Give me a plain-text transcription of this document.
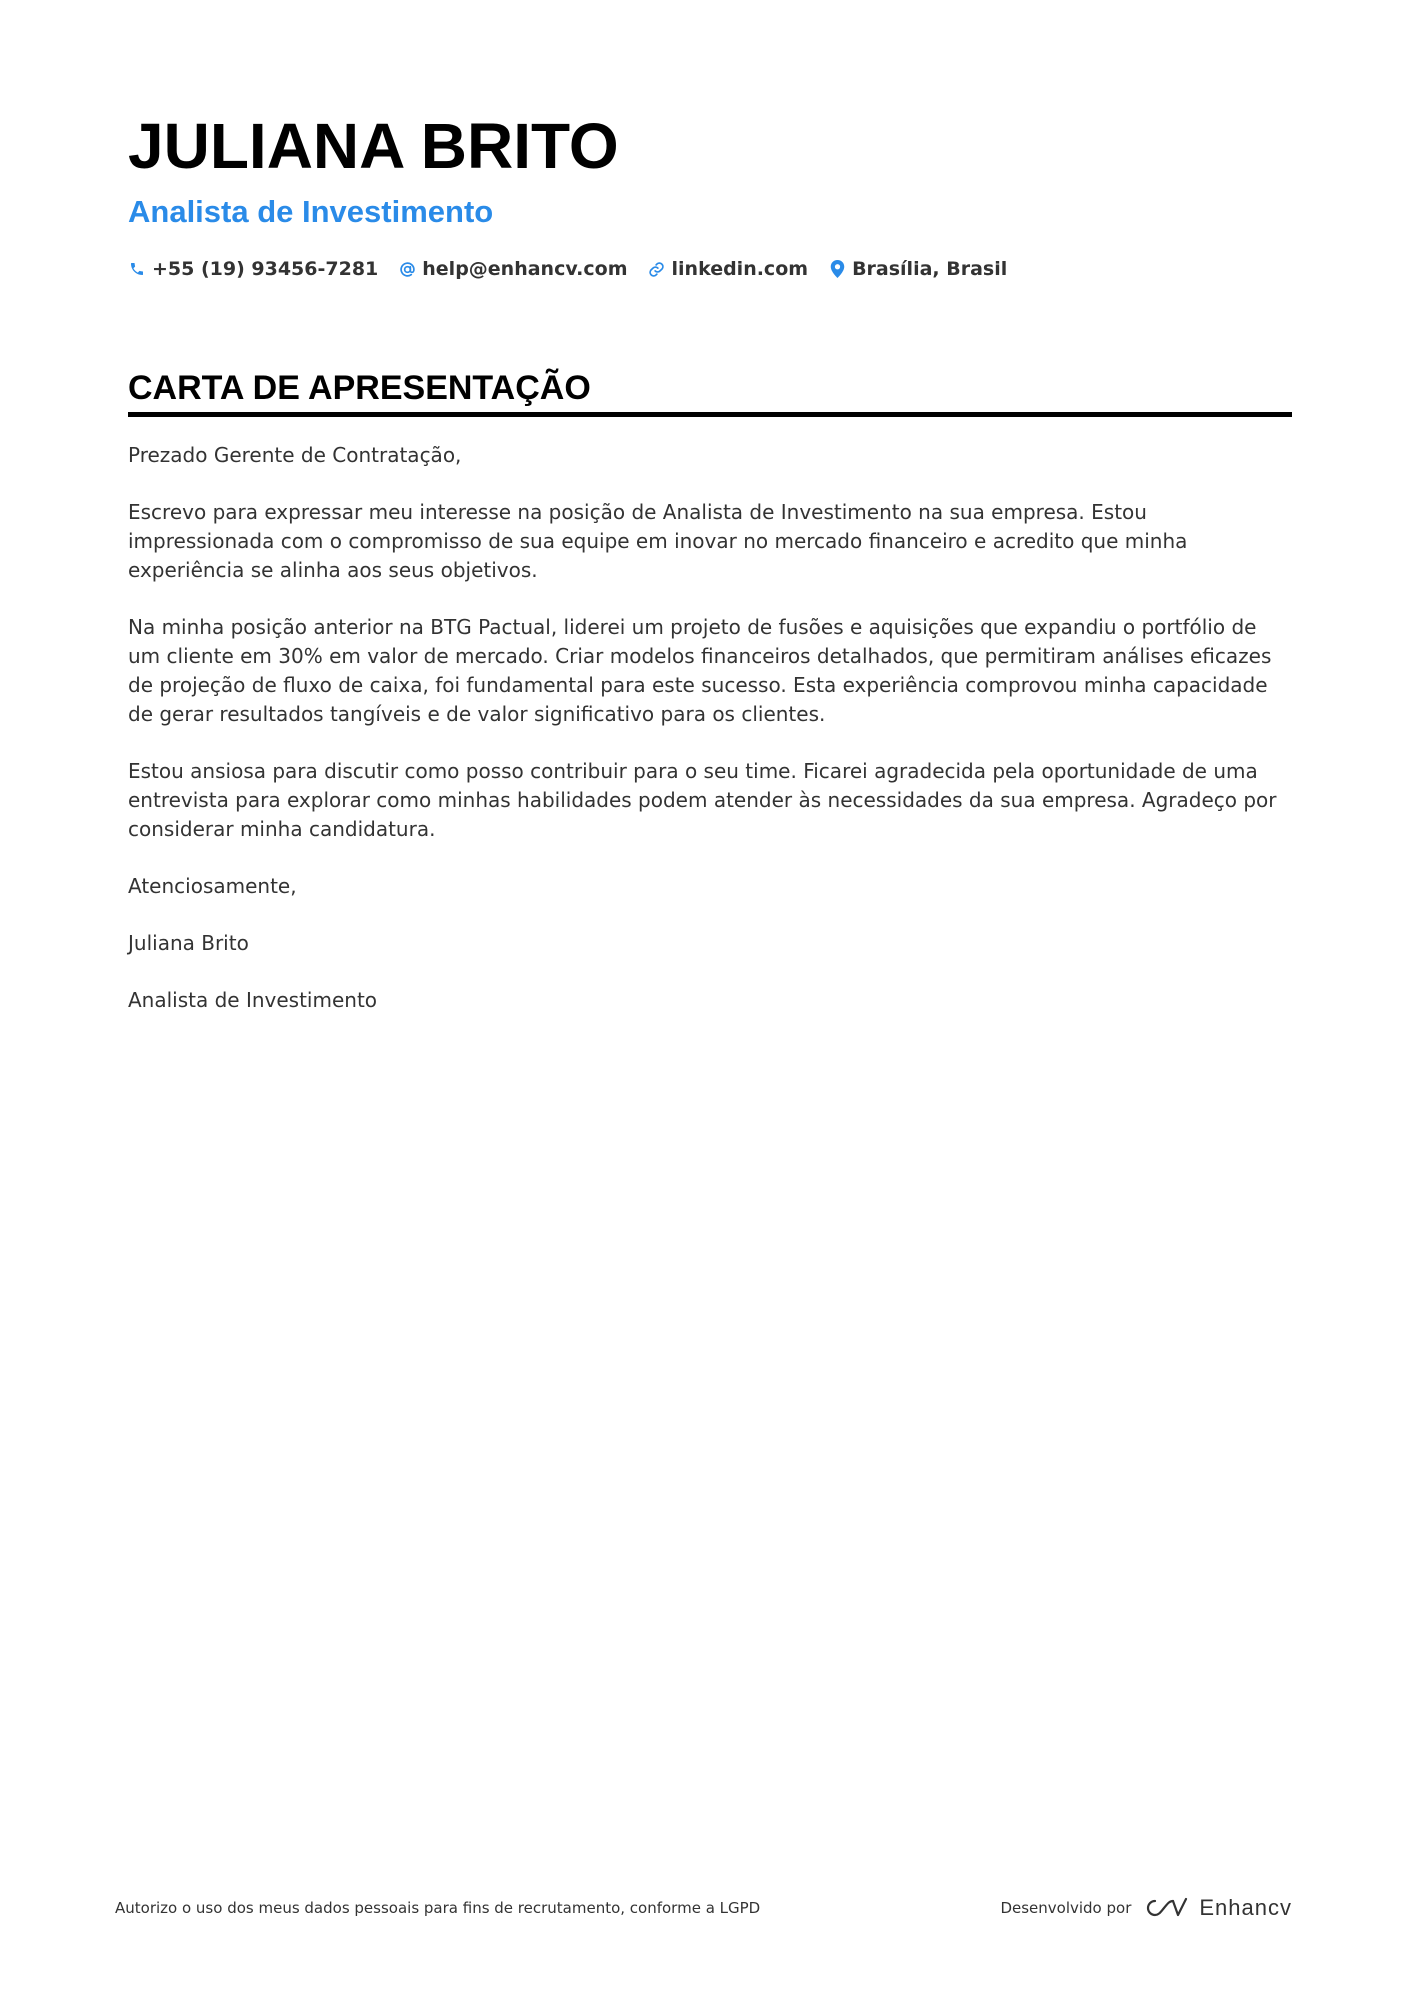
JULIANA BRITO
Analista de Investimento
+55 (19) 93456-7281 help@enhancv.com linkedin.com Brasília, Brasil
CARTA DE APRESENTAÇÃO

Prezado Gerente de Contratação,

Escrevo para expressar meu interesse na posição de Analista de Investimento na sua empresa. Estou impressionada com o compromisso de sua equipe em inovar no mercado financeiro e acredito que minha experiência se alinha aos seus objetivos.

Na minha posição anterior na BTG Pactual, liderei um projeto de fusões e aquisições que expandiu o portfólio de um cliente em 30% em valor de mercado. Criar modelos financeiros detalhados, que permitiram análises eficazes de projeção de fluxo de caixa, foi fundamental para este sucesso. Esta experiência comprovou minha capacidade de gerar resultados tangíveis e de valor significativo para os clientes.

Estou ansiosa para discutir como posso contribuir para o seu time. Ficarei agradecida pela oportunidade de uma entrevista para explorar como minhas habilidades podem atender às necessidades da sua empresa. Agradeço por considerar minha candidatura.

Atenciosamente,

Juliana Brito

Analista de Investimento

Autorizo o uso dos meus dados pessoais para fins de recrutamento, conforme a LGPD	Desenvolvido por	Enhancv
